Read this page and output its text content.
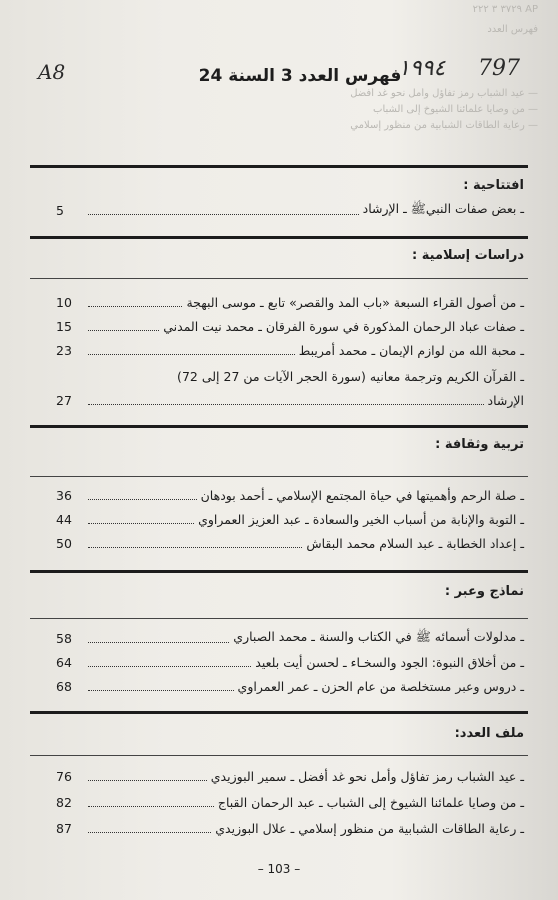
AP ٣٧٢٩ ٣ ٢٢٢
فهرس العدد
— عيد الشباب رمز تفاؤل وأمل نحو غد أفضل
— من وصايا علمائنا الشيوخ إلى الشباب
— رعاية الطاقات الشبابية من منظور إسلامي
A8	١٩٩٤ 797
فهرس العدد 3 السنة 24
افتتاحية :
ـ بعض صفات النبيﷺ ـ الإرشاد
5
دراسات إسلامية :
ـ من أصول القراء السبعة «باب المد والقصر» تابع ـ موسى البهجة
10
ـ صفات عباد الرحمان المذكورة في سورة الفرقان ـ محمد نيت المدني
15
ـ محبة الله من لوازم الإيمان ـ محمد أمريبط
23
ـ القرآن الكريم وترجمة معانيه (سورة الحجر الآيات من 27 إلى 72)
الإرشاد
27
تربية وثقافة :
ـ صلة الرحم وأهميتها في حياة المجتمع الإسلامي ـ أحمد بودهان
36
ـ التوبة والإنابة من أسباب الخير والسعادة ـ عبد العزيز العمراوي
44
ـ إعداد الخطابة ـ عبد السلام محمد البقاش
50
نماذج وعبر :
ـ مدلولات أسمائه ﷺ في الكتاب والسنة ـ محمد الصباري
58
ـ من أخلاق النبوة: الجود والسخـاء ـ لحسن أيت بلعيد
64
ـ دروس وعبر مستخلصة من عام الحزن ـ عمر العمراوي
68
ملف العدد:
ـ عيد الشباب رمز تفاؤل وأمل نحو غد أفضل ـ سمير البوزيدي
76
ـ من وصايا علمائنا الشيوخ إلى الشباب ـ عبد الرحمان القباج
82
ـ رعاية الطاقات الشبابية من منظور إسلامي ـ علال البوزيدي
87
– 103 –
